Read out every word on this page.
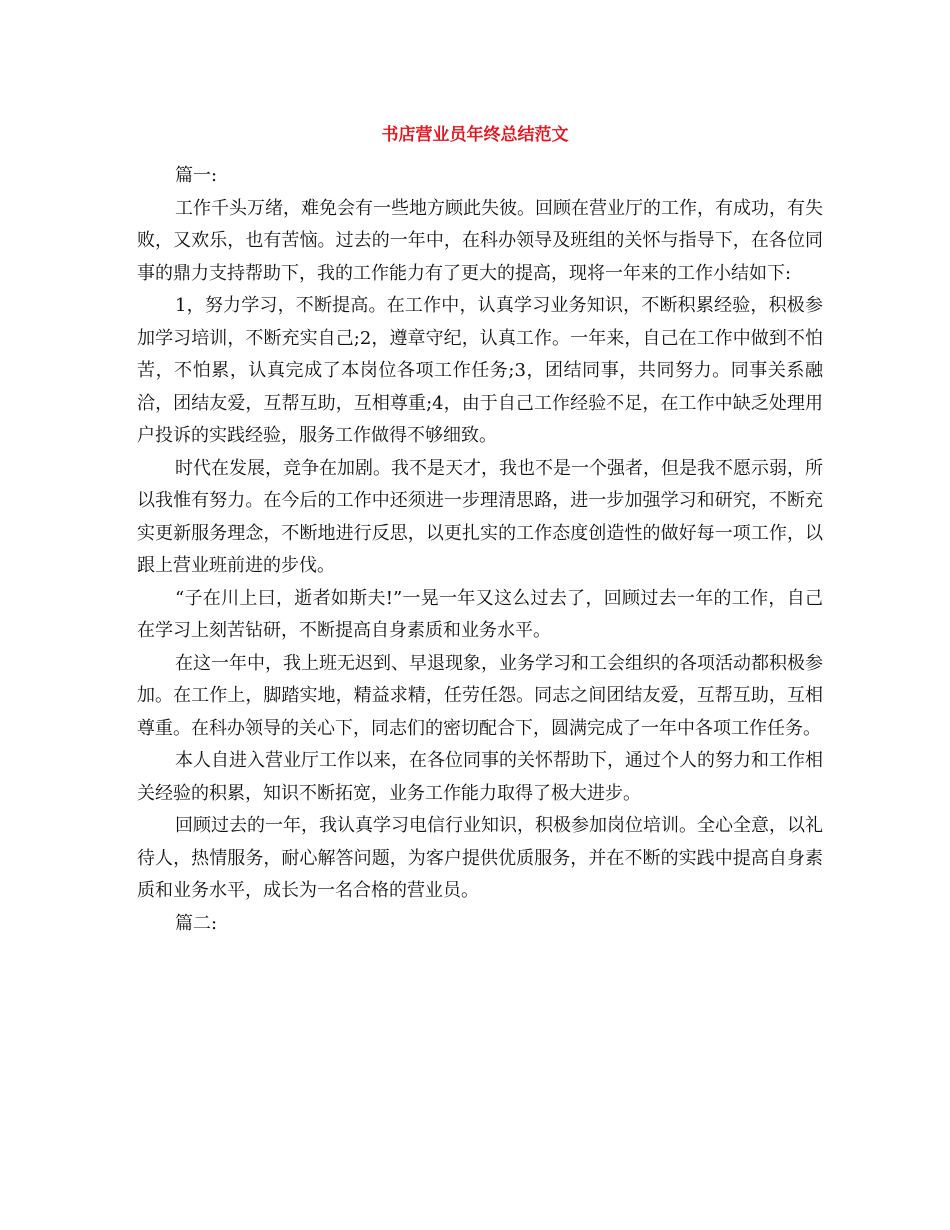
书店营业员年终总结范文

篇一:

工作千头万绪，难免会有一些地方顾此失彼。回顾在营业厅的工作，有成功，有失败，又欢乐，也有苦恼。过去的一年中，在科办领导及班组的关怀与指导下，在各位同事的鼎力支持帮助下，我的工作能力有了更大的提高，现将一年来的工作小结如下:

1，努力学习，不断提高。在工作中，认真学习业务知识，不断积累经验，积极参加学习培训，不断充实自己;2，遵章守纪，认真工作。一年来，自己在工作中做到不怕苦，不怕累，认真完成了本岗位各项工作任务;3，团结同事，共同努力。同事关系融洽，团结友爱，互帮互助，互相尊重;4，由于自己工作经验不足，在工作中缺乏处理用户投诉的实践经验，服务工作做得不够细致。

时代在发展，竞争在加剧。我不是天才，我也不是一个强者，但是我不愿示弱，所以我惟有努力。在今后的工作中还须进一步理清思路，进一步加强学习和研究，不断充实更新服务理念，不断地进行反思，以更扎实的工作态度创造性的做好每一项工作，以跟上营业班前进的步伐。

“子在川上曰，逝者如斯夫!”一晃一年又这么过去了，回顾过去一年的工作，自己在学习上刻苦钻研，不断提高自身素质和业务水平。

在这一年中，我上班无迟到、早退现象，业务学习和工会组织的各项活动都积极参加。在工作上，脚踏实地，精益求精，任劳任怨。同志之间团结友爱，互帮互助，互相尊重。在科办领导的关心下，同志们的密切配合下，圆满完成了一年中各项工作任务。

本人自进入营业厅工作以来，在各位同事的关怀帮助下，通过个人的努力和工作相关经验的积累，知识不断拓宽，业务工作能力取得了极大进步。

回顾过去的一年，我认真学习电信行业知识，积极参加岗位培训。全心全意，以礼待人，热情服务，耐心解答问题，为客户提供优质服务，并在不断的实践中提高自身素质和业务水平，成长为一名合格的营业员。

篇二:
